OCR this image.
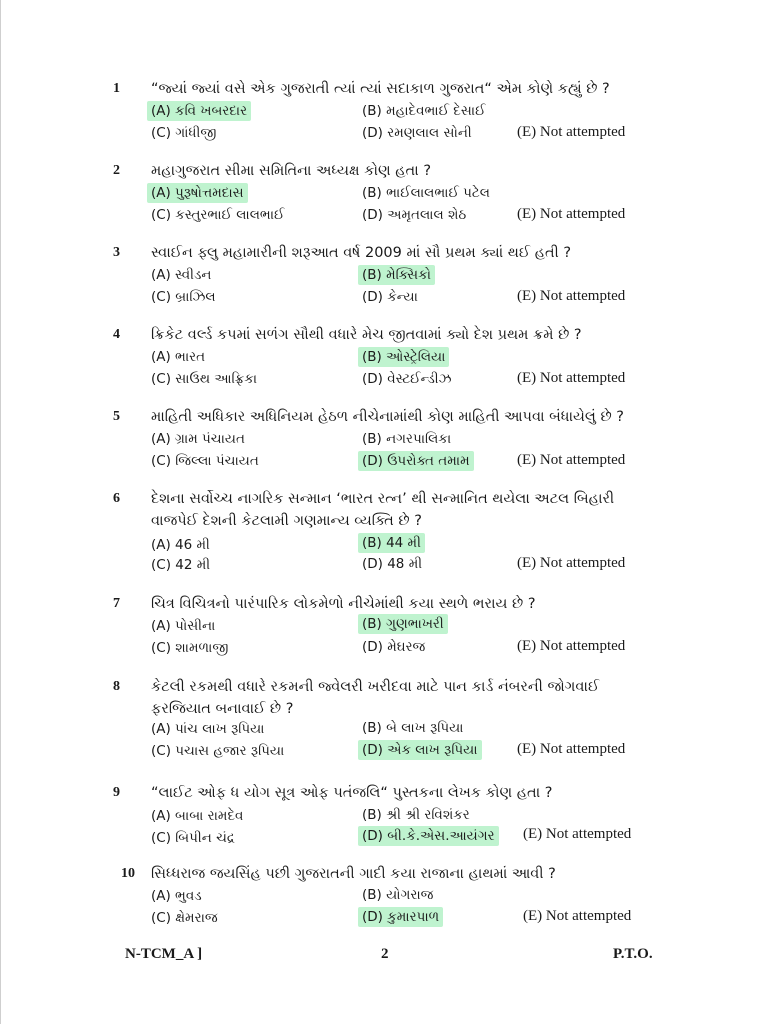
1 “જ્યાં જ્યાં વસે એક ગુજરાતી ત્યાં ત્યાં સદાકાળ ગુજરાત“ એમ કોણે કહ્યું છે ?
(A) કવિ ખબરદાર	(B) મહાદેવભાઈ દેસાઈ
(C) ગાંધીજી	(D) રમણલાલ સોની	(E) Not attempted
2 મહાગુજરાત સીમા સમિતિના અધ્યક્ષ કોણ હતા ?
(A) પુરૂષોત્તમદાસ	(B) ભાઈલાલભાઈ પટેલ
(C) કસ્તુરભાઈ લાલભાઈ	(D) અમૃતલાલ શેઠ	(E) Not attempted
3 સ્વાઈન ફ્લુ મહામારીની શરૂઆત વર્ષ 2009 માં સૌ પ્રથમ ક્યાં થઈ હતી ?
(A) સ્વીડન	(B) મેક્સિકો
(C) બ્રાઝિલ	(D) કેન્યા	(E) Not attempted
4 ક્રિકેટ વર્લ્ડ કપમાં સળંગ સૌથી વધારે મેચ જીતવામાં ક્યો દેશ પ્રથમ ક્રમે છે ?
(A) ભારત	(B) ઓસ્ટ્રેલિયા
(C) સાઉથ આફ્રિકા	(D) વેસ્ટઈન્ડીઝ	(E) Not attempted
5 માહિતી અધિકાર અધિનિયમ હેઠળ નીચેનામાંથી કોણ માહિતી આપવા બંધાયેલું છે ?
(A) ગ્રામ પંચાયત	(B) નગરપાલિકા
(C) જિલ્લા પંચાયત	(D) ઉપરોક્ત તમામ	(E) Not attempted
6 દેશના સર્વોચ્ચ નાગરિક સન્માન ‘ભારત રત્ન’ થી સન્માનિત થયેલા અટલ બિહારી વાજપેઈ દેશની કેટલામી ગણમાન્ય વ્યક્તિ છે ?
(A) 46 મી	(B) 44 મી
(C) 42 મી	(D) 48 મી	(E) Not attempted
7 ચિત્ર વિચિત્રનો પારંપારિક લોકમેળો નીચેમાંથી કયા સ્થળે ભરાય છે ?
(A) પોસીના	(B) ગુણભાખરી
(C) શામળાજી	(D) મેઘરજ	(E) Not attempted
8 કેટલી રકમથી વધારે રકમની જ્વેલરી ખરીદવા માટે પાન કાર્ડ નંબરની જોગવાઈ ફરજિયાત બનાવાઈ છે ?
(A) પાંચ લાખ રૂપિયા	(B) બે લાખ રૂપિયા
(C) પચાસ હજાર રૂપિયા	(D) એક લાખ રૂપિયા	(E) Not attempted
9 “લાઈટ ઓફ ધ યોગ સૂત્ર ઓફ પતંજલિ“ પુસ્તકના લેખક કોણ હતા ?
(A) બાબા રામદેવ	(B) શ્રી શ્રી રવિશંકર
(C) બિપીન ચંદ્ર	(D) બી.કે.એસ.આયંગર (E) Not attempted
10 સિધ્ધરાજ જયસિંહ પછી ગુજરાતની ગાદી કયા રાજાના હાથમાં આવી ?
(A) ભુવડ	(B) યોગરાજ
(C) ક્ષેમરાજ	(D) કુમારપાળ	(E) Not attempted
N-TCM_A ]	2	P.T.O.
